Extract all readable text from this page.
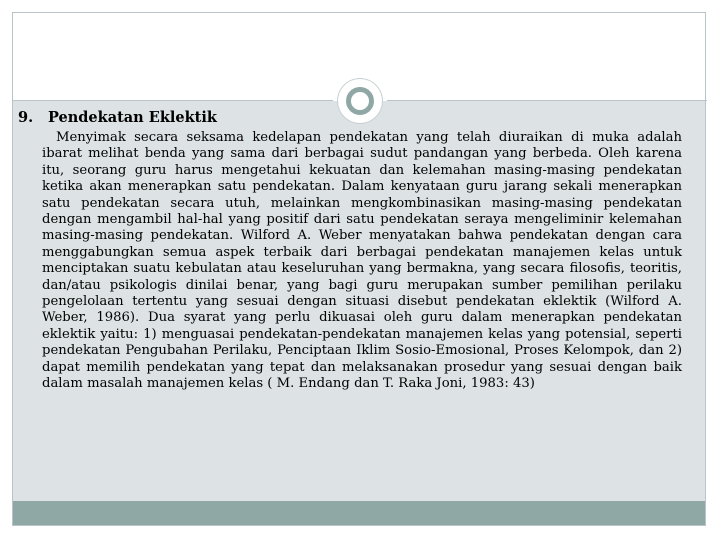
9. Pendekatan Eklektik
Menyimak secara seksama kedelapan pendekatan yang telah diuraikan di muka adalah ibarat melihat benda yang sama dari berbagai sudut pandangan yang berbeda. Oleh karena itu, seorang guru harus mengetahui kekuatan dan kelemahan masing-masing pendekatan ketika akan menerapkan satu pendekatan. Dalam kenyataan guru jarang sekali menerapkan satu pendekatan secara utuh, melainkan mengkombinasikan masing-masing pendekatan dengan mengambil hal-hal yang positif dari satu pendekatan seraya mengeliminir kelemahan masing-masing pendekatan. Wilford A. Weber menyatakan bahwa pendekatan dengan cara menggabungkan semua aspek terbaik dari berbagai pendekatan manajemen kelas untuk menciptakan suatu kebulatan atau keseluruhan yang bermakna, yang secara filosofis, teoritis, dan/atau psikologis dinilai benar, yang bagi guru merupakan sumber pemilihan perilaku pengelolaan tertentu yang sesuai dengan situasi disebut pendekatan eklektik (Wilford A. Weber, 1986). Dua syarat yang perlu dikuasai oleh guru dalam menerapkan pendekatan eklektik yaitu: 1) menguasai pendekatan-pendekatan manajemen kelas yang potensial, seperti pendekatan Pengubahan Perilaku, Penciptaan Iklim Sosio-Emosional, Proses Kelompok, dan 2) dapat memilih pendekatan yang tepat dan melaksanakan prosedur yang sesuai dengan baik dalam masalah manajemen kelas ( M. Endang dan T. Raka Joni, 1983: 43)
